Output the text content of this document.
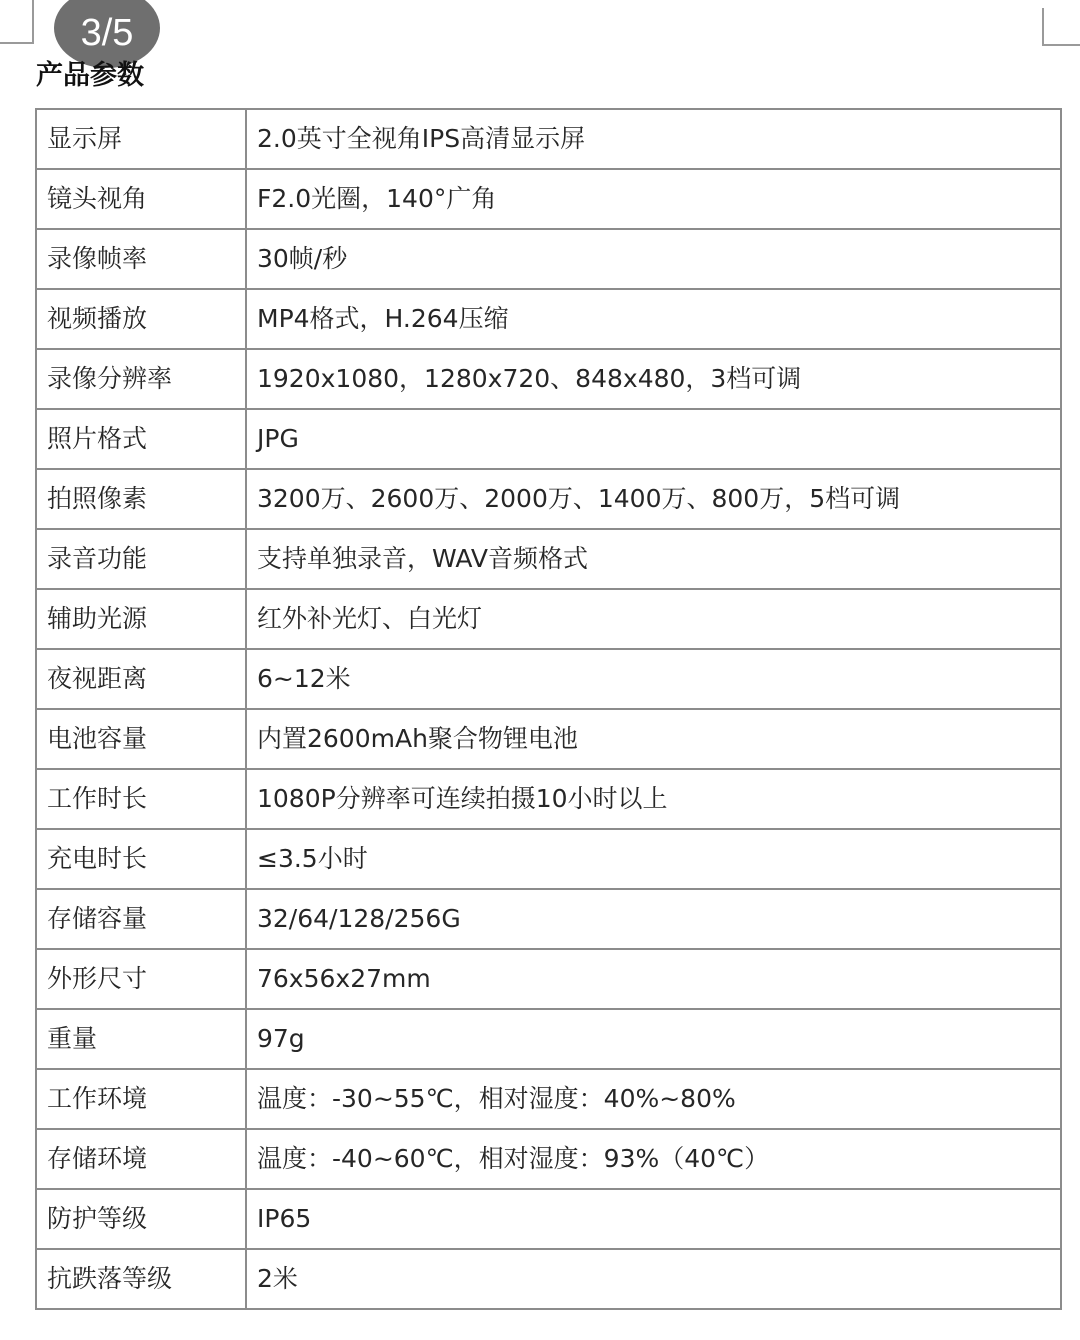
3/5
产品参数
显示屏	2.0英寸全视角IPS高清显示屏
镜头视角	F2.0光圈，140°广角
录像帧率	30帧/秒
视频播放	MP4格式，H.264压缩
录像分辨率	1920x1080，1280x720、848x480，3档可调
照片格式	JPG
拍照像素	3200万、2600万、2000万、1400万、800万，5档可调
录音功能	支持单独录音，WAV音频格式
辅助光源	红外补光灯、白光灯
夜视距离	6~12米
电池容量	内置2600mAh聚合物锂电池
工作时长	1080P分辨率可连续拍摄10小时以上
充电时长	≤3.5小时
存储容量	32/64/128/256G
外形尺寸	76x56x27mm
重量	97g
工作环境	温度：-30~55℃，相对湿度：40%~80%
存储环境	温度：-40~60℃，相对湿度：93%（40℃）
防护等级	IP65
抗跌落等级	2米
